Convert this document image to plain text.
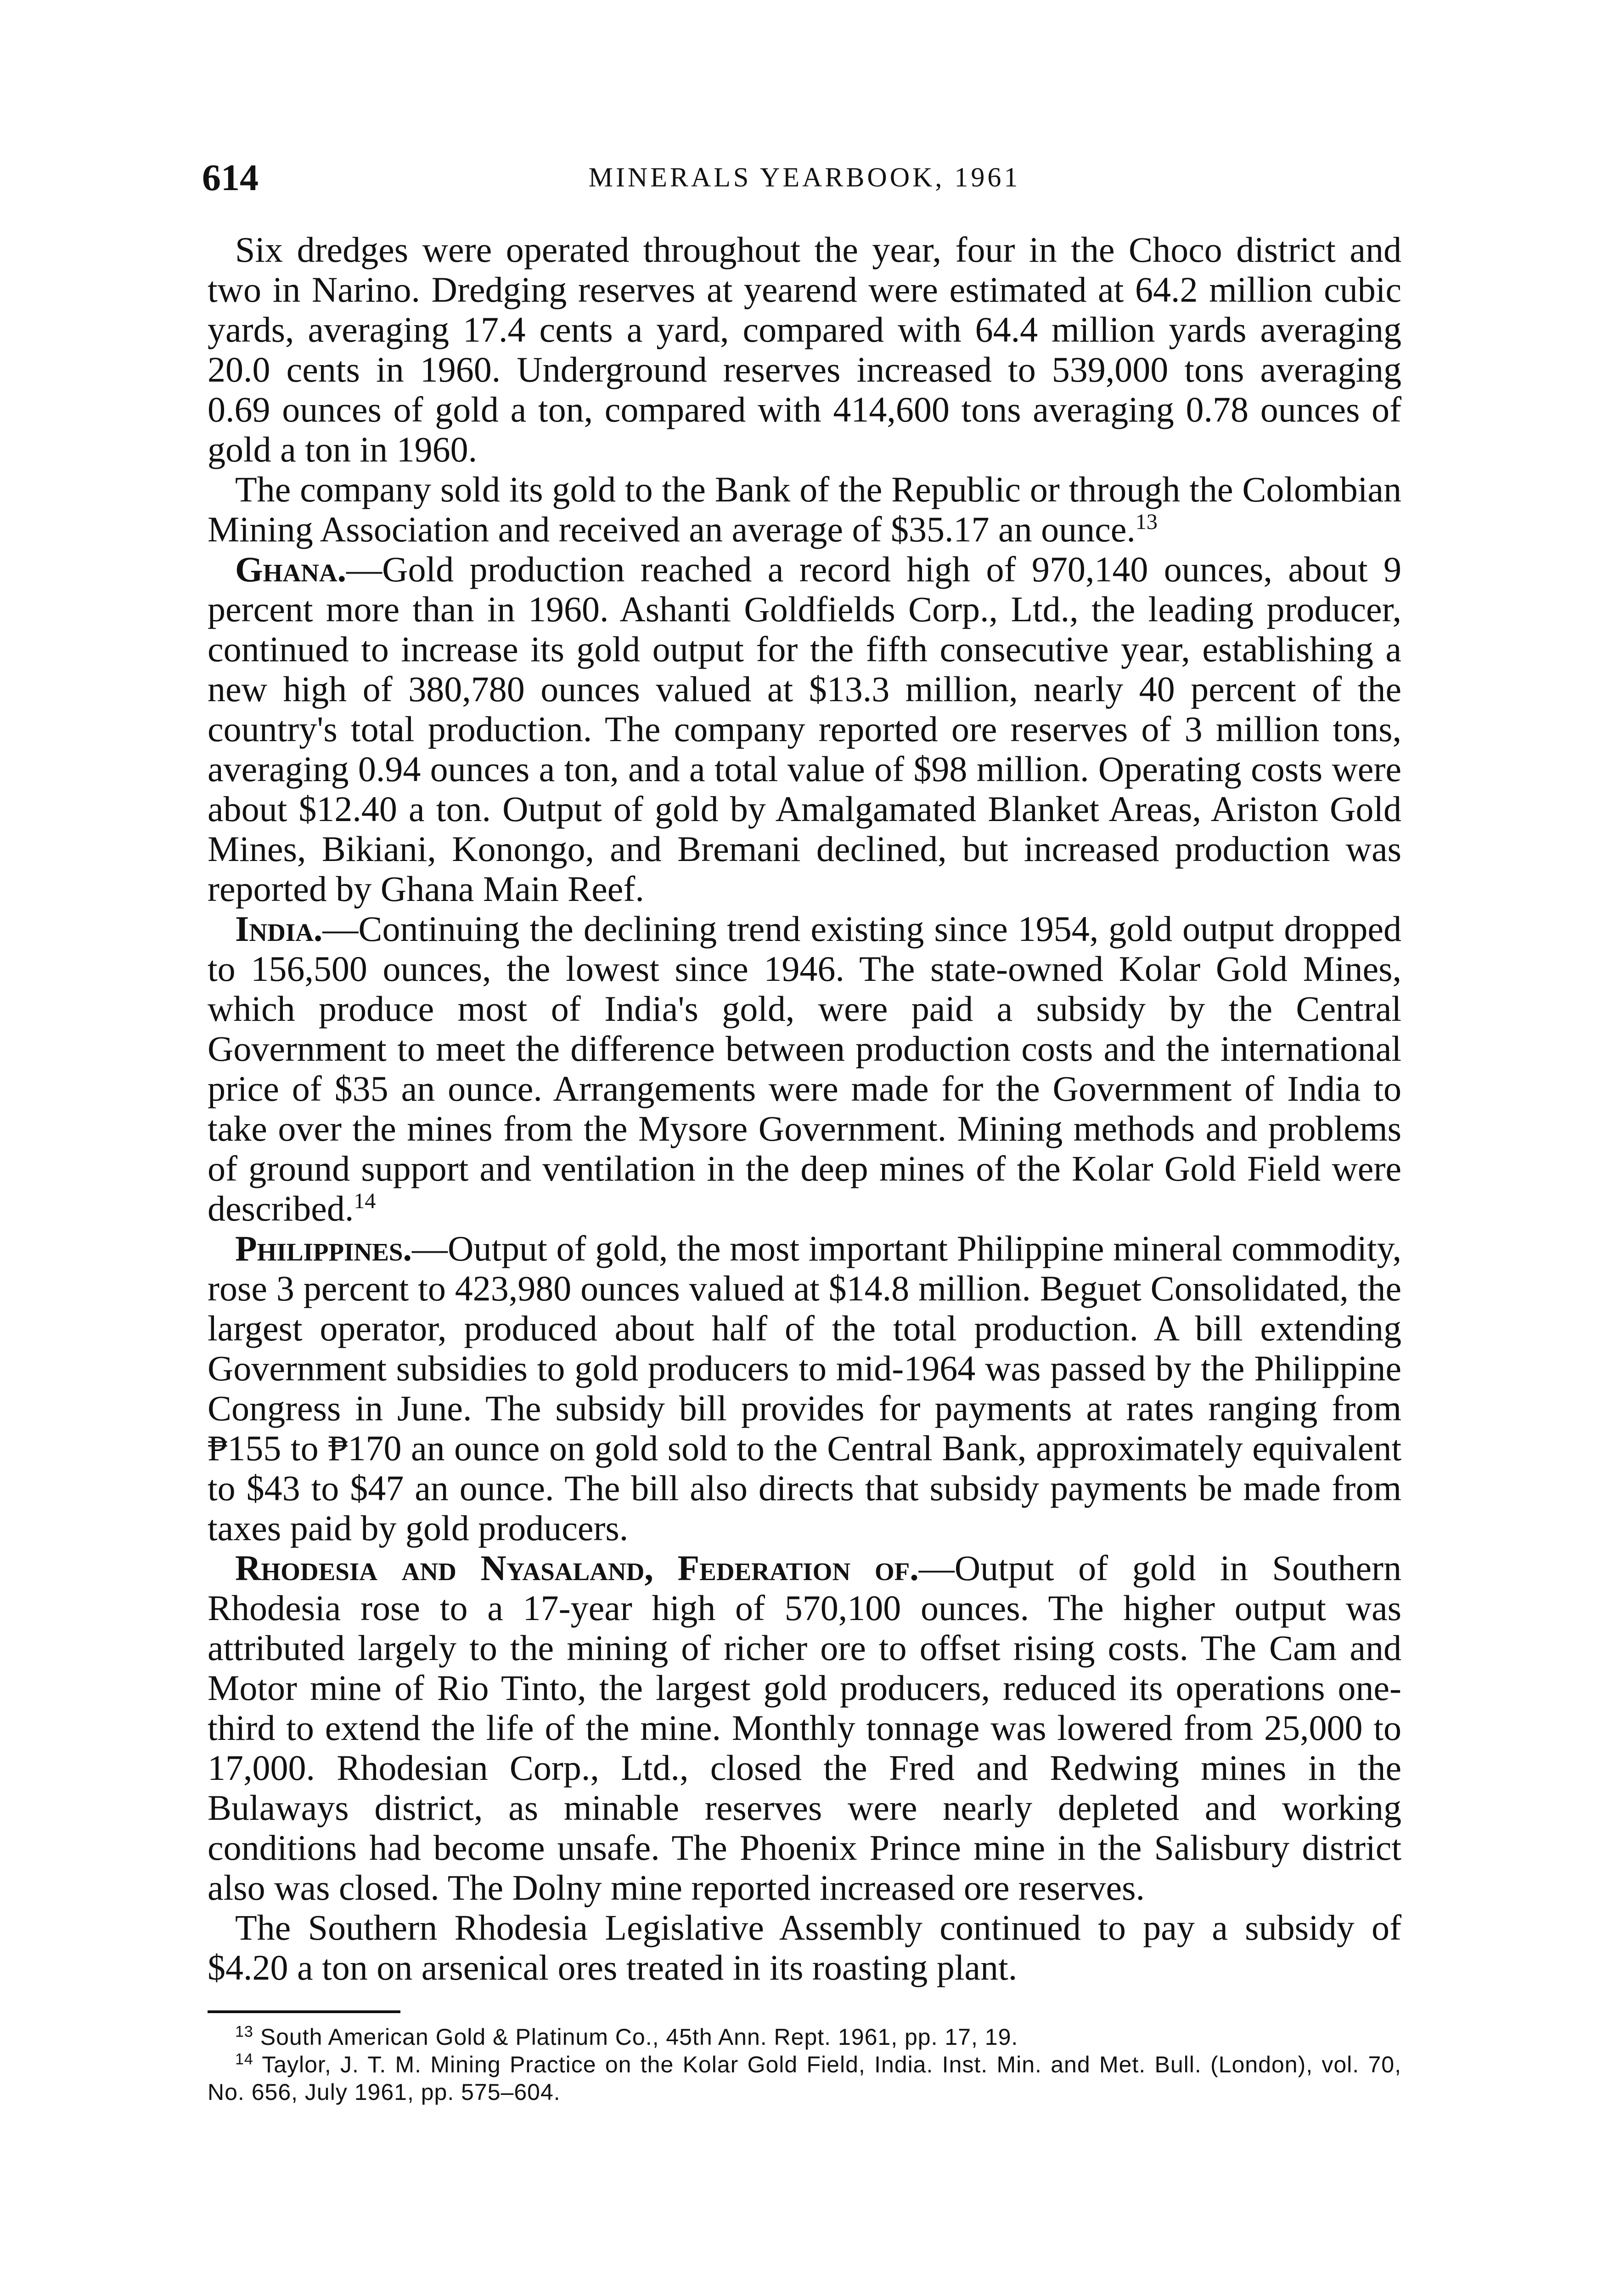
614	MINERALS YEARBOOK, 1961

Six dredges were operated throughout the year, four in the Choco district and two in Narino. Dredging reserves at yearend were estimated at 64.2 million cubic yards, averaging 17.4 cents a yard, compared with 64.4 million yards averaging 20.0 cents in 1960. Underground reserves increased to 539,000 tons averaging 0.69 ounces of gold a ton, compared with 414,600 tons averaging 0.78 ounces of gold a ton in 1960.

The company sold its gold to the Bank of the Republic or through the Colombian Mining Association and received an average of $35.17 an ounce.$^{13}$

Ghana.—Gold production reached a record high of 970,140 ounces, about 9 percent more than in 1960. Ashanti Goldfields Corp., Ltd., the leading producer, continued to increase its gold output for the fifth consecutive year, establishing a new high of 380,780 ounces valued at $13.3 million, nearly 40 percent of the country's total production. The company reported ore reserves of 3 million tons, averaging 0.94 ounces a ton, and a total value of $98 million. Operating costs were about $12.40 a ton. Output of gold by Amalgamated Blanket Areas, Ariston Gold Mines, Bikiani, Konongo, and Bremani declined, but increased production was reported by Ghana Main Reef.

India.—Continuing the declining trend existing since 1954, gold output dropped to 156,500 ounces, the lowest since 1946. The state-owned Kolar Gold Mines, which produce most of India's gold, were paid a subsidy by the Central Government to meet the difference between production costs and the international price of $35 an ounce. Arrangements were made for the Government of India to take over the mines from the Mysore Government. Mining methods and problems of ground support and ventilation in the deep mines of the Kolar Gold Field were described.$^{14}$

Philippines.—Output of gold, the most important Philippine mineral commodity, rose 3 percent to 423,980 ounces valued at $14.8 million. Beguet Consolidated, the largest operator, produced about half of the total production. A bill extending Government subsidies to gold producers to mid-1964 was passed by the Philippine Congress in June. The subsidy bill provides for payments at rates ranging from ₱155 to ₱170 an ounce on gold sold to the Central Bank, approximately equivalent to $43 to $47 an ounce. The bill also directs that subsidy payments be made from taxes paid by gold producers.

Rhodesia and Nyasaland, Federation of.—Output of gold in Southern Rhodesia rose to a 17-year high of 570,100 ounces. The higher output was attributed largely to the mining of richer ore to offset rising costs. The Cam and Motor mine of Rio Tinto, the largest gold producers, reduced its operations one-third to extend the life of the mine. Monthly tonnage was lowered from 25,000 to 17,000. Rhodesian Corp., Ltd., closed the Fred and Redwing mines in the Bulaways district, as minable reserves were nearly depleted and working conditions had become unsafe. The Phoenix Prince mine in the Salisbury district also was closed. The Dolny mine reported increased ore reserves.

The Southern Rhodesia Legislative Assembly continued to pay a subsidy of $4.20 a ton on arsenical ores treated in its roasting plant.

$^{13}$ South American Gold & Platinum Co., 45th Ann. Rept. 1961, pp. 17, 19.

$^{14}$ Taylor, J. T. M. Mining Practice on the Kolar Gold Field, India. Inst. Min. and Met. Bull. (London), vol. 70, No. 656, July 1961, pp. 575–604.
